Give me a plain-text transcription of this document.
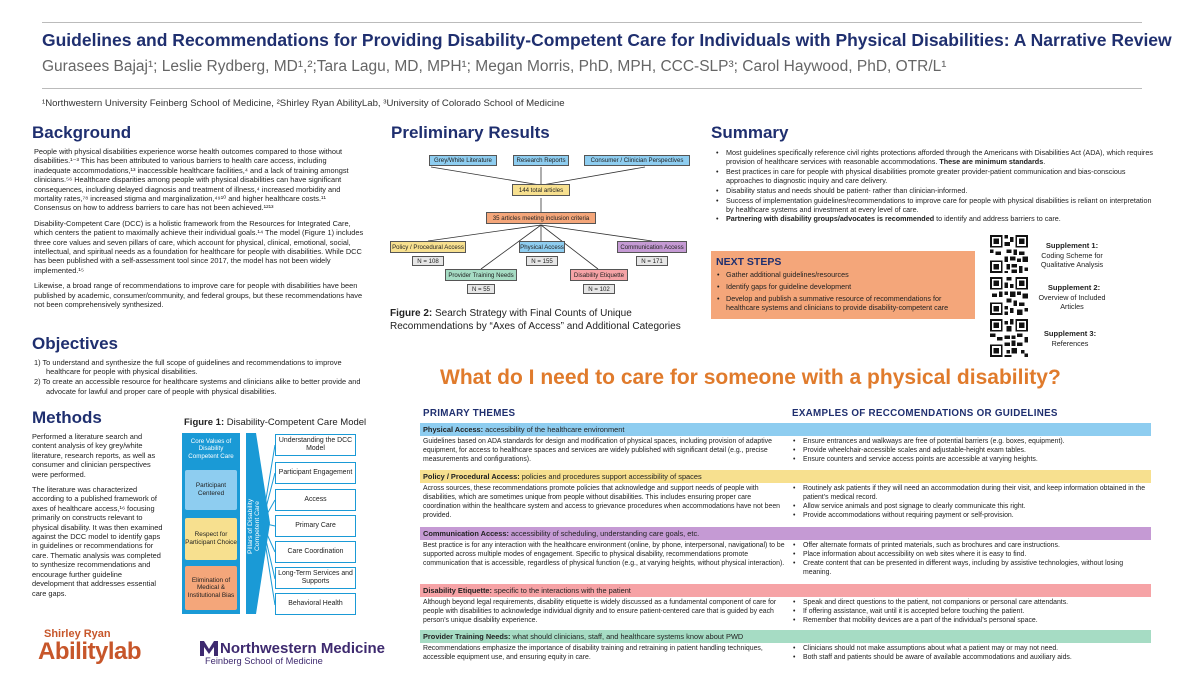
Guidelines and Recommendations for Providing Disability-Competent Care for Individuals with Physical Disabilities: A Narrative Review
Gurasees Bajaj¹; Leslie Rydberg, MD¹,²;Tara Lagu, MD, MPH¹; Megan Morris, PhD, MPH, CCC-SLP³; Carol Haywood, PhD, OTR/L¹
¹Northwestern University Feinberg School of Medicine, ²Shirley Ryan AbilityLab, ³University of Colorado School of Medicine
Background

People with physical disabilities experience worse health outcomes compared to those without disabilities.¹⁻³ This has been attributed to various barriers to health care access, including inadequate accommodations,¹³ inaccessible healthcare facilities,⁴ and a lack of training amongst clinicians.⁵⁶ Healthcare disparities among people with physical disabilities can have significant consequences, including delayed diagnosis and treatment of illness,⁴ increased morbidity and mortality rates,⁷⁸ increased stigma and marginalization,⁴⁹¹⁰ and higher healthcare costs.¹¹ Consensus on how to address barriers to care has not been achieved.¹²¹³

Disability-Competent Care (DCC) is a holistic framework from the Resources for Integrated Care, which centers the patient to maximally achieve their individual goals.¹⁴ The model (Figure 1) includes three core values and seven pillars of care, which account for physical, clinical, emotional, social, intellectual, and spiritual needs as a foundation for healthcare for people with disabilities. While DCC has been published with a self-assessment tool since 2017, the model has not been widely implemented.¹⁵

Likewise, a broad range of recommendations to improve care for people with disabilities have been published by academic, consumer/community, and federal groups, but these recommendations have not been comprehensively synthesized.

Objectives
1) To understand and synthesize the full scope of guidelines and recommendations to improve healthcare for people with physical disabilities.
2) To create an accessible resource for healthcare systems and clinicians alike to better provide and advocate for lawful and proper care of people with physical disabilities.
Methods

Performed a literature search and content analysis of key grey/white literature, research reports, as well as consumer and clinician perspectives were performed.

The literature was characterized according to a published framework of axes of healthcare access,¹⁶ focusing primarily on constructs relevant to physical disability. It was then examined against the DCC model to identify gaps in guidelines or recommendations for care. Thematic analysis was completed to synthesize recommendations and encourage further guideline development that addresses essential care gaps.

Figure 1: Disability-Competent Care Model
Core Values of Disability Competent Care
Participant Centered
Respect for Participant Choice
Elimination of Medical & Institutional Bias
Pillars of Disability Competent Care
Understanding the DCC Model
Participant Engagement
Access
Primary Care
Care Coordination
Long-Term Services and Supports
Behavioral Health
Shirley Ryan
Abilitylab	Northwestern Medicine
Feinberg School of Medicine
Preliminary Results
Grey/White Literature	Research Reports	Consumer / Clinician Perspectives
144 total articles
35 articles meeting inclusion criteria
Policy / Procedural Access
N = 108
Physical Access
N = 155
Communication Access
N = 171
Provider Training Needs
N = 55
Disability Etiquette
N = 102
Figure 2: Search Strategy with Final Counts of Unique Recommendations by “Axes of Access” and Additional Categories
Summary
• Most guidelines specifically reference civil rights protections afforded through the Americans with Disabilities Act (ADA), which requires provision of healthcare services with reasonable accommodations. These are minimum standards.
• Best practices in care for people with physical disabilities promote greater provider-patient communication and bias-conscious approaches to diagnostic inquiry and care delivery.
• Disability status and needs should be patient- rather than clinician-informed.
• Success of implementation guidelines/recommendations to improve care for people with physical disabilities is reliant on interpretation by healthcare systems and investment at every level of care.
• Partnering with disability groups/advocates is recommended to identify and address barriers to care.
NEXT STEPS
• Gather additional guidelines/resources
• Identify gaps for guideline development
• Develop and publish a summative resource of recommendations for healthcare systems and clinicians to provide disability-competent care
Supplement 1:
Coding Scheme for Qualitative Analysis
Supplement 2:
Overview of Included Articles
Supplement 3:
References
What do I need to care for someone with a physical disability?
PRIMARY THEMES	EXAMPLES OF RECCOMENDATIONS OR GUIDELINES
Physical Access: accessibility of the healthcare environment
Guidelines based on ADA standards for design and modification of physical spaces, including provision of adaptive equipment, for access to healthcare spaces and services are widely published with significant detail (e.g., precise measurements and configurations).
• Ensure entrances and walkways are free of potential barriers (e.g. boxes, equipment).
• Provide wheelchair-accessible scales and adjustable-height exam tables.
• Ensure counters and service access points are accessible at varying heights.
Policy / Procedural Access: policies and procedures support accessibility of spaces
Across sources, these recommendations promote policies that acknowledge and support needs of people with disabilities, which are sometimes unique from people without disabilities. This includes ensuring proper care coordination within the healthcare system and access to grievance procedures when accommodations have not been provided.
• Routinely ask patients if they will need an accommodation during their visit, and keep information obtained in the patient’s medical record.
• Allow service animals and post signage to clearly communicate this right.
• Provide accommodations without requiring payment or self-provision.
Communication Access: accessibility of scheduling, understanding care goals, etc.
Best practice is for any interaction with the healthcare environment (online, by phone, interpersonal, navigational) to be supported across multiple modes of engagement. Specific to physical disability, recommendations promote communication that is accessible, regardless of physical function (e.g., at varying heights, without physical interaction).
• Offer alternate formats of printed materials, such as brochures and care instructions.
• Place information about accessibility on web sites where it is easy to find.
• Create content that can be presented in different ways, including by assistive technologies, without losing meaning.
Disability Etiquette: specific to the interactions with the patient
Although beyond legal requirements, disability etiquette is widely discussed as a fundamental component of care for people with disabilities to acknowledge individual dignity and to ensure patient-centered care that is guided by each person’s unique disability experience.
• Speak and direct questions to the patient, not companions or personal care attendants.
• If offering assistance, wait until it is accepted before touching the patient.
• Remember that mobility devices are a part of the individual’s personal space.
Provider Training Needs: what should clinicians, staff, and healthcare systems know about PWD
Recommendations emphasize the importance of disability training and retraining in patient handling techniques, accessible equipment use, and ensuring equity in care.
• Clinicians should not make assumptions about what a patient may or may not need.
• Both staff and patients should be aware of available accommodations and auxiliary aids.
